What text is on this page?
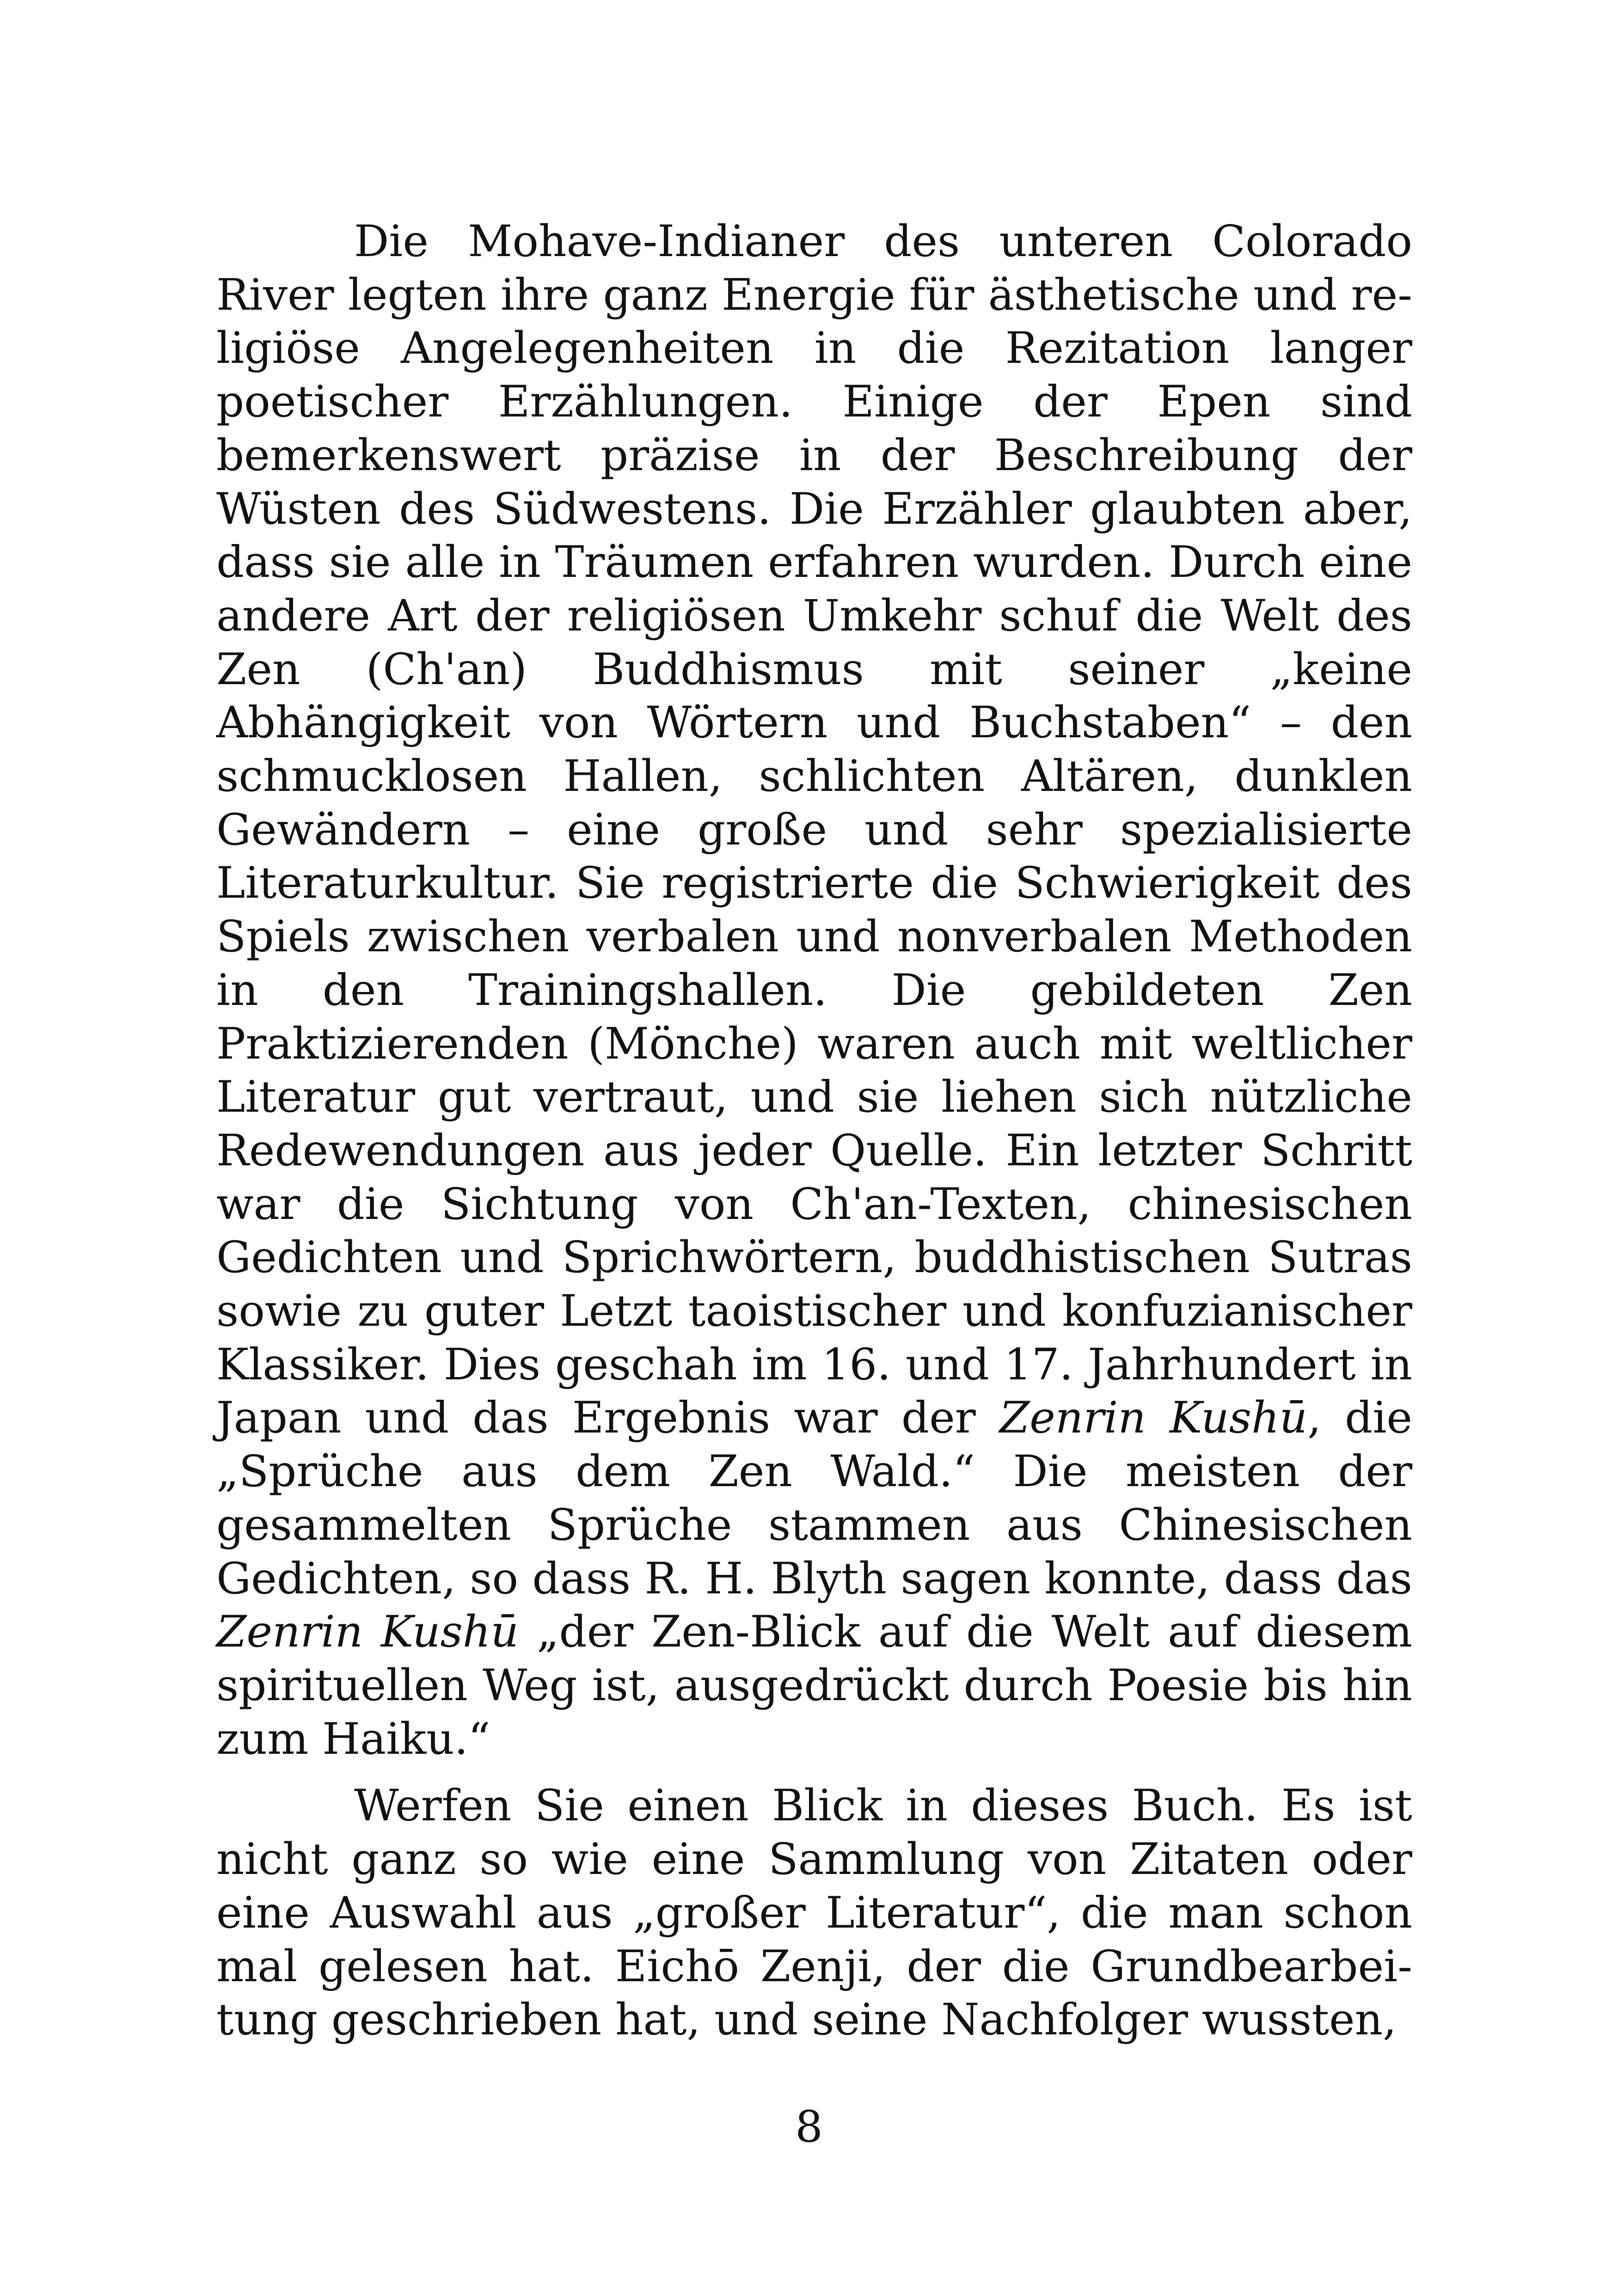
Die Mohave-Indianer des unteren Colorado River legten ihre ganz Energie für ästhetische und religiöse Angelegenheiten in die Rezitation langer poetischer Erzählungen. Einige der Epen sind bemerkenswert präzise in der Beschreibung der Wüsten des Südwestens. Die Erzähler glaubten aber, dass sie alle in Träumen erfahren wurden. Durch eine andere Art der religiösen Umkehr schuf die Welt des Zen (Ch'an) Buddhismus mit seiner „keine Abhängigkeit von Wörtern und Buchstaben“ – den schmucklosen Hallen, schlichten Altären, dunklen Gewändern – eine große und sehr spezialisierte Literaturkultur. Sie registrierte die Schwierigkeit des Spiels zwischen verbalen und nonverbalen Methoden in den Trainingshallen. Die gebildeten Zen Praktizierenden (Mönche) waren auch mit weltlicher Literatur gut vertraut, und sie liehen sich nützliche Redewendungen aus jeder Quelle. Ein letzter Schritt war die Sichtung von Ch'an-Texten, chinesischen Gedichten und Sprichwörtern, buddhistischen Sutras sowie zu guter Letzt taoistischer und konfuzianischer Klassiker. Dies geschah im 16. und 17. Jahrhundert in Japan und das Ergebnis war der Zenrin Kushū, die „Sprüche aus dem Zen Wald.“ Die meisten der gesammelten Sprüche stammen aus Chinesischen Gedichten, so dass R. H. Blyth sagen konnte, dass das Zenrin Kushū „der Zen-Blick auf die Welt auf diesem spirituellen Weg ist, ausgedrückt durch Poesie bis hin zum Haiku.“

Werfen Sie einen Blick in dieses Buch. Es ist nicht ganz so wie eine Sammlung von Zitaten oder eine Auswahl aus „großer Literatur“, die man schon mal gelesen hat. Eichō Zenji, der die Grundbearbeitung geschrieben hat, und seine Nachfolger wussten,

8
